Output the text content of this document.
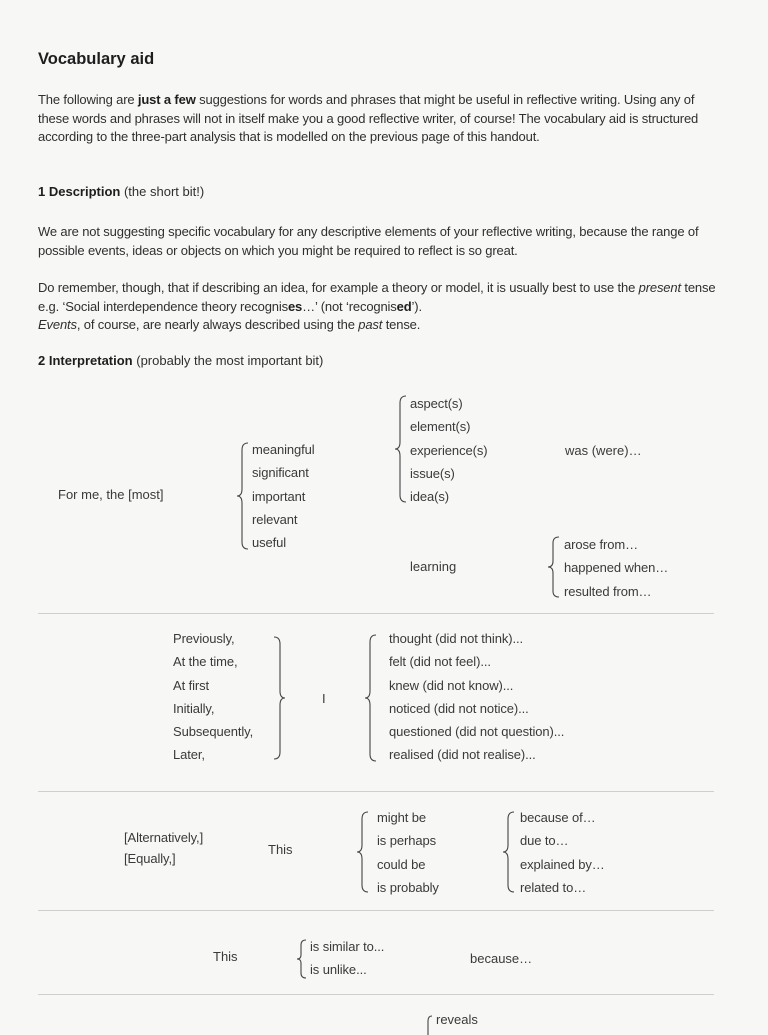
Vocabulary aid
The following are just a few suggestions for words and phrases that might be useful in reflective writing. Using any of these words and phrases will not in itself make you a good reflective writer, of course! The vocabulary aid is structured according to the three-part analysis that is modelled on the previous page of this handout.
1 Description (the short bit!)
We are not suggesting specific vocabulary for any descriptive elements of your reflective writing, because the range of possible events, ideas or objects on which you might be required to reflect is so great.
Do remember, though, that if describing an idea, for example a theory or model, it is usually best to use the present tense e.g. ‘Social interdependence theory recognises…’ (not ‘recognised’).
Events, of course, are nearly always described using the past tense.
2 Interpretation (probably the most important bit)
For me, the [most]
meaningful
significant
important
relevant
useful
aspect(s)
element(s)
experience(s)
issue(s)
idea(s)
was (were)…
learning
arose from…
happened when…
resulted from…
Previously,
At the time,
At first
Initially,
Subsequently,
Later,
I
thought (did not think)...
felt (did not feel)...
knew (did not know)...
noticed (did not notice)...
questioned (did not question)...
realised (did not realise)...
[Alternatively,]
[Equally,]
This
might be
is perhaps
could be
is probably
because of…
due to…
explained by…
related to…
This
is similar to...
is unlike...
because…
reveals
